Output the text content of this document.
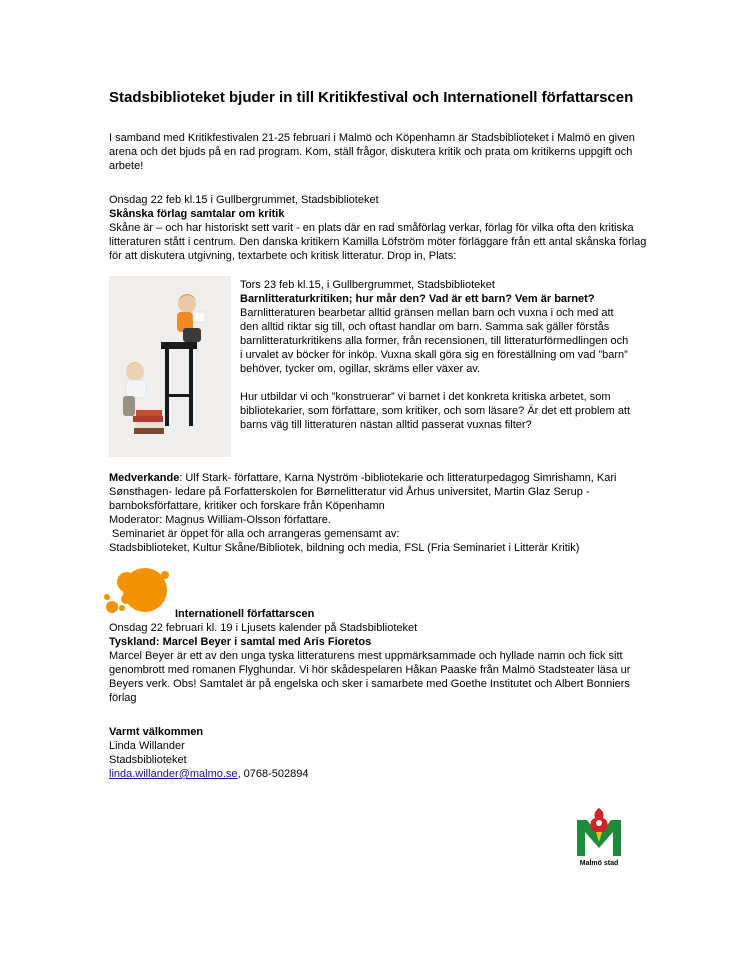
Stadsbiblioteket bjuder in till Kritikfestival och Internationell författarscen
I samband med Kritikfestivalen 21-25 februari i Malmö och Köpenhamn är Stadsbiblioteket i Malmö en given arena och det bjuds på en rad program. Kom, ställ frågor, diskutera kritik och prata om kritikerns uppgift och arbete!

Onsdag 22 feb kl.15 i Gullbergrummet, Stadsbiblioteket

Skånska förlag samtalar om kritik

Skåne är – och har historiskt sett varit - en plats där en rad småförlag verkar, förlag för vilka ofta den kritiska litteraturen stått i centrum. Den danska kritikern Kamilla Löfström möter förläggare från ett antal skånska förlag för att diskutera utgivning, textarbete och kritisk litteratur. Drop in, Plats:

Tors 23 feb kl.15, i Gullbergrummet, Stadsbiblioteket

Barnlitteraturkritiken; hur mår den? Vad är ett barn? Vem är barnet?

Barnlitteraturen bearbetar alltid gränsen mellan barn och vuxna i och med att den alltid riktar sig till, och oftast handlar om barn. Samma sak gäller förstås barnlitteraturkritikens alla former, från recensionen, till litteraturförmedlingen och i urvalet av böcker för inköp. Vuxna skall göra sig en föreställning om vad ”barn” behöver, tycker om, ogillar, skräms eller växer av.

Hur utbildar vi och ”konstruerar” vi barnet i det konkreta kritiska arbetet, som bibliotekarier, som författare, som kritiker, och som läsare? Är det ett problem att barns väg till litteraturen nästan alltid passerat vuxnas filter?

Medverkande: Ulf Stark- författare, Karna Nyström -bibliotekarie och litteraturpedagog Simrishamn, Kari Sønsthagen- ledare på Forfatterskolen for Børnelitteratur vid Århus universitet, Martin Glaz Serup - barnboksförfattare, kritiker och forskare från Köpenhamn

Moderator: Magnus William-Olsson författare.

Seminariet är öppet för alla och arrangeras gemensamt av:

Stadsbiblioteket, Kultur Skåne/Bibliotek, bildning och media, FSL (Fria Seminariet i Litterär Kritik)

Internationell författarscen

Onsdag 22 februari kl. 19 i Ljusets kalender på Stadsbiblioteket

Tyskland: Marcel Beyer i samtal med Aris Fioretos

Marcel Beyer är ett av den unga tyska litteraturens mest uppmärksammade och hyllade namn och fick sitt genombrott med romanen Flyghundar. Vi hör skådespelaren Håkan Paaske från Malmö Stadsteater läsa ur Beyers verk. Obs! Samtalet är på engelska och sker i samarbete med Goethe Institutet och Albert Bonniers förlag

Varmt välkommen

Linda Willander

Stadsbiblioteket

linda.willander@malmo.se, 0768-502894

Malmö stad
